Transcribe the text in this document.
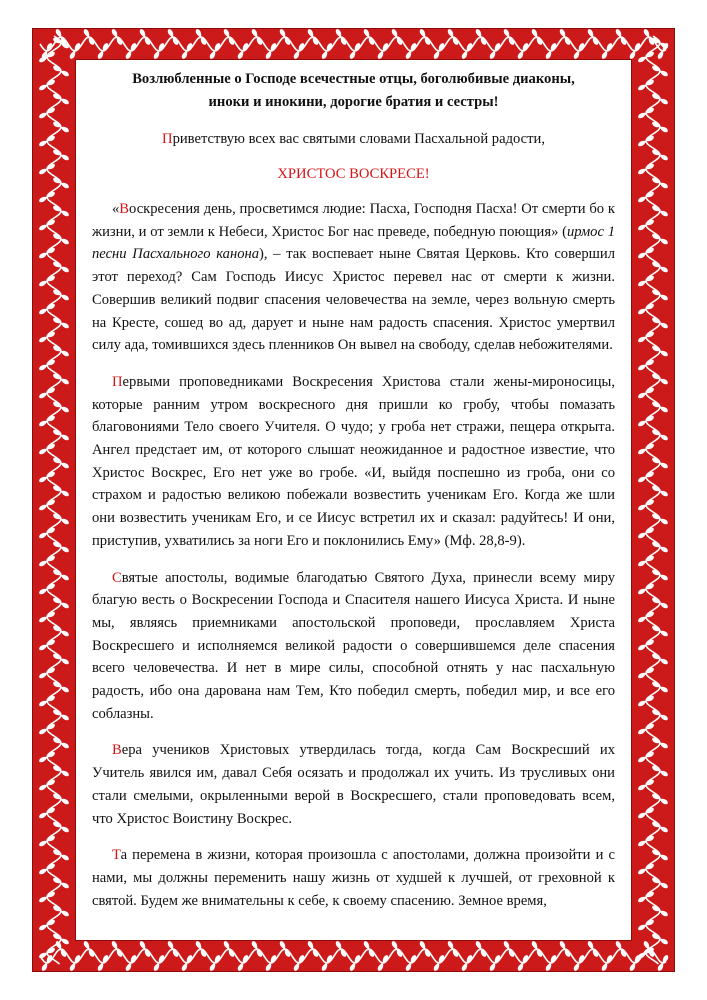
Возлюбленные о Господе всечестные отцы, боголюбивые диаконы,
иноки и инокини, дорогие братия и сестры!

Приветствую всех вас святыми словами Пасхальной радости,

ХРИСТОС ВОСКРЕСЕ!

«Воскресения день, просветимся людие: Пасха, Господня Пасха! От смерти бо к жизни, и от земли к Небеси, Христос Бог нас преведе, победную поющия» (ирмос 1 песни Пасхального канона), – так воспевает ныне Святая Церковь. Кто совершил этот переход? Сам Господь Иисус Христос перевел нас от смерти к жизни. Совершив великий подвиг спасения человечества на земле, через вольную смерть на Кресте, сошед во ад, дарует и ныне нам радость спасения. Христос умертвил силу ада, томившихся здесь пленников Он вывел на свободу, сделав небожителями.

Первыми проповедниками Воскресения Христова стали жены-мироносицы, которые ранним утром воскресного дня пришли ко гробу, чтобы помазать благовониями Тело своего Учителя. О чудо; у гроба нет стражи, пещера открыта. Ангел предстает им, от которого слышат неожиданное и радостное известие, что Христос Воскрес, Его нет уже во гробе. «И, выйдя поспешно из гроба, они со страхом и радостью великою побежали возвестить ученикам Его. Когда же шли они возвестить ученикам Его, и се Иисус встретил их и сказал: радуйтесь! И они, приступив, ухватились за ноги Его и поклонились Ему» (Мф. 28,8-9).

Святые апостолы, водимые благодатью Святого Духа, принесли всему миру благую весть о Воскресении Господа и Спасителя нашего Иисуса Христа. И ныне мы, являясь приемниками апостольской проповеди, прославляем Христа Воскресшего и исполняемся великой радости о совершившемся деле спасения всего человечества. И нет в мире силы, способной отнять у нас пасхальную радость, ибо она дарована нам Тем, Кто победил смерть, победил мир, и все его соблазны.

Вера учеников Христовых утвердилась тогда, когда Сам Воскресший их Учитель явился им, давал Себя осязать и продолжал их учить. Из трусливых они стали смелыми, окрыленными верой в Воскресшего, стали проповедовать всем, что Христос Воистину Воскрес.

Та перемена в жизни, которая произошла с апостолами, должна произойти и с нами, мы должны переменить нашу жизнь от худшей к лучшей, от греховной к святой. Будем же внимательны к себе, к своему спасению. Земное время,
